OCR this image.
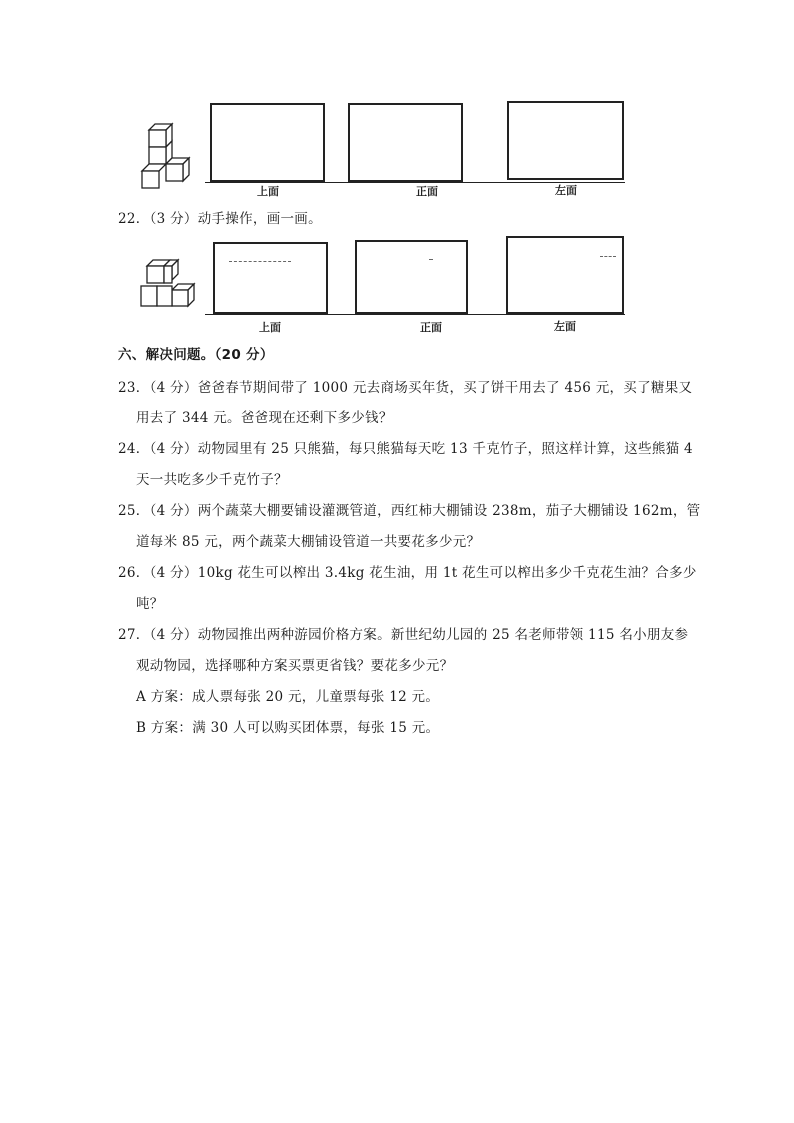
上面	正面	左面
22．（3 分）动手操作，画一画。
上面	正面	左面
六、解决问题。（20 分）
23．（4 分）爸爸春节期间带了 1000 元去商场买年货，买了饼干用去了 456 元，买了糖果又
用去了 344 元。爸爸现在还剩下多少钱？
24．（4 分）动物园里有 25 只熊猫，每只熊猫每天吃 13 千克竹子，照这样计算，这些熊猫 4
天一共吃多少千克竹子？
25．（4 分）两个蔬菜大棚要铺设灌溉管道，西红柿大棚铺设 238m，茄子大棚铺设 162m，管
道每米 85 元，两个蔬菜大棚铺设管道一共要花多少元？
26．（4 分）10kg 花生可以榨出 3.4kg 花生油，用 1t 花生可以榨出多少千克花生油？合多少
吨？
27．（4 分）动物园推出两种游园价格方案。新世纪幼儿园的 25 名老师带领 115 名小朋友参
观动物园，选择哪种方案买票更省钱？要花多少元？
A 方案：成人票每张 20 元，儿童票每张 12 元。
B 方案：满 30 人可以购买团体票，每张 15 元。
